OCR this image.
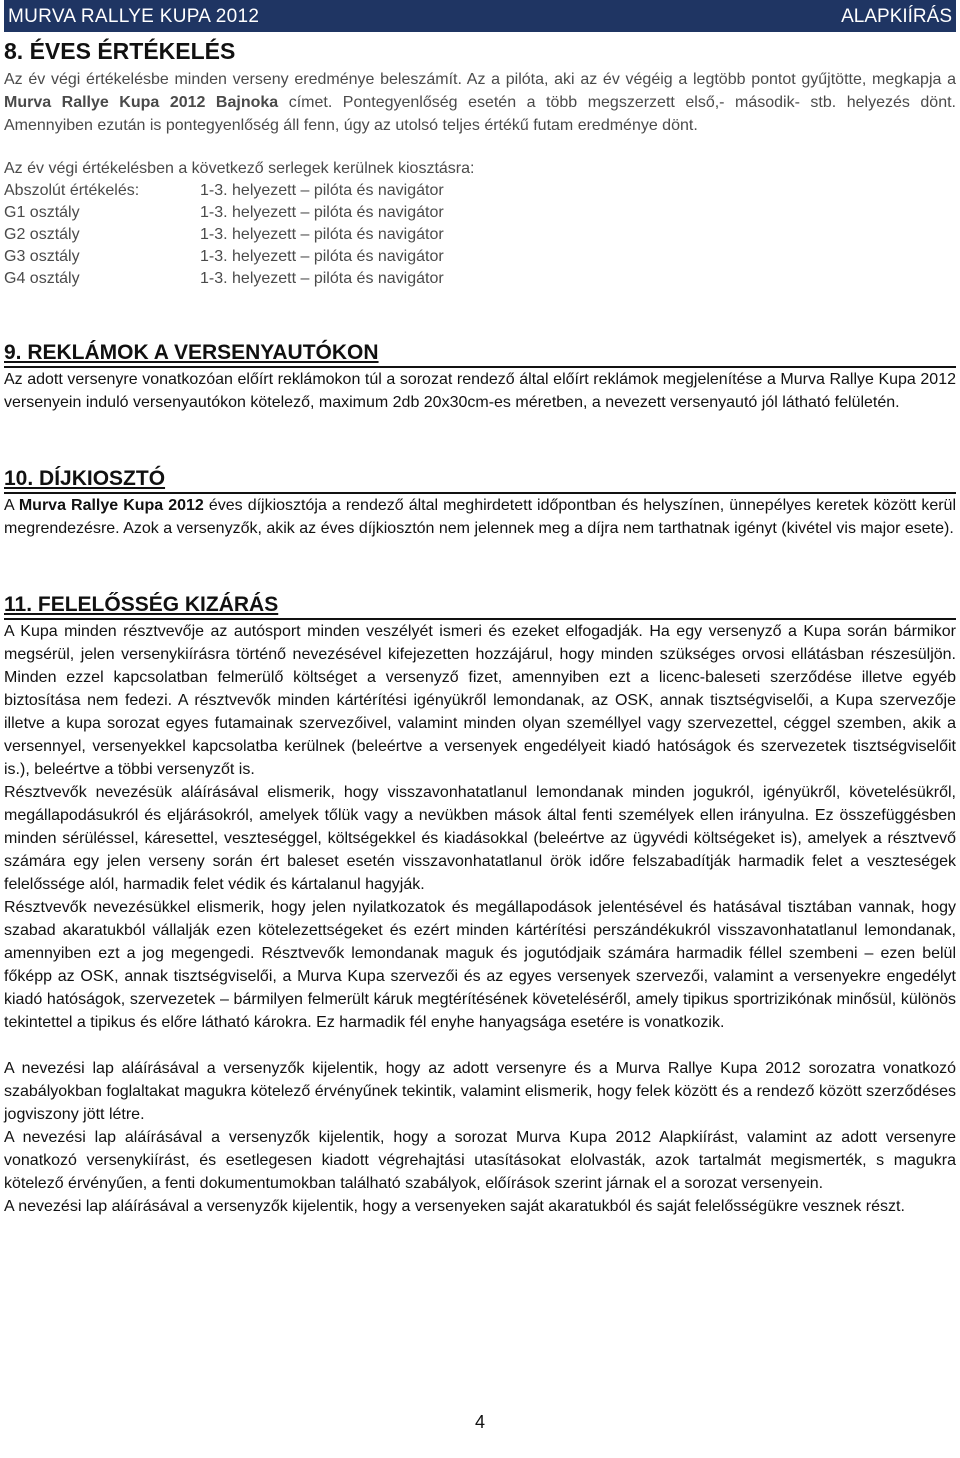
MURVA RALLYE KUPA 2012	ALAPKIÍRÁS
8. ÉVES ÉRTÉKELÉS

Az év végi értékelésbe minden verseny eredménye beleszámít. Az a pilóta, aki az év végéig a legtöbb pontot gyűjtötte, megkapja a Murva Rallye Kupa 2012 Bajnoka címet. Pontegyenlőség esetén a több megszerzett első,- második- stb. helyezés dönt. Amennyiben ezután is pontegyenlőség áll fenn, úgy az utolsó teljes értékű futam eredménye dönt.

Az év végi értékelésben a következő serlegek kerülnek kiosztásra:

Abszolút értékelés:	1-3. helyezett – pilóta és navigátor
G1 osztály	1-3. helyezett – pilóta és navigátor
G2 osztály	1-3. helyezett – pilóta és navigátor
G3 osztály	1-3. helyezett – pilóta és navigátor
G4 osztály	1-3. helyezett – pilóta és navigátor
9. REKLÁMOK A VERSENYAUTÓKON

Az adott versenyre vonatkozóan előírt reklámokon túl a sorozat rendező által előírt reklámok megjelenítése a Murva Rallye Kupa 2012 versenyein induló versenyautókon kötelező, maximum 2db 20x30cm-es méretben, a nevezett versenyautó jól látható felületén.

10. DÍJKIOSZTÓ

A Murva Rallye Kupa 2012 éves díjkiosztója a rendező által meghirdetett időpontban és helyszínen, ünnepélyes keretek között kerül megrendezésre. Azok a versenyzők, akik az éves díjkiosztón nem jelennek meg a díjra nem tarthatnak igényt (kivétel vis major esete).

11. FELELŐSSÉG KIZÁRÁS

A Kupa minden résztvevője az autósport minden veszélyét ismeri és ezeket elfogadják. Ha egy versenyző a Kupa során bármikor megsérül, jelen versenykiírásra történő nevezésével kifejezetten hozzájárul, hogy minden szükséges orvosi ellátásban részesüljön. Minden ezzel kapcsolatban felmerülő költséget a versenyző fizet, amennyiben ezt a licenc-baleseti szerződése illetve egyéb biztosítása nem fedezi. A résztvevők minden kártérítési igényükről lemondanak, az OSK, annak tisztségviselői, a Kupa szervezője illetve a kupa sorozat egyes futamainak szervezőivel, valamint minden olyan személlyel vagy szervezettel, céggel szemben, akik a versennyel, versenyekkel kapcsolatba kerülnek (beleértve a versenyek engedélyeit kiadó hatóságok és szervezetek tisztségviselőit is.), beleértve a többi versenyzőt is.

Résztvevők nevezésük aláírásával elismerik, hogy visszavonhatatlanul lemondanak minden jogukról, igényükről, követelésükről, megállapodásukról és eljárásokról, amelyek tőlük vagy a nevükben mások által fenti személyek ellen irányulna. Ez összefüggésben minden sérüléssel, káresettel, veszteséggel, költségekkel és kiadásokkal (beleértve az ügyvédi költségeket is), amelyek a résztvevő számára egy jelen verseny során ért baleset esetén visszavonhatatlanul örök időre felszabadítják harmadik felet a veszteségek felelőssége alól, harmadik felet védik és kártalanul hagyják.

Résztvevők nevezésükkel elismerik, hogy jelen nyilatkozatok és megállapodások jelentésével és hatásával tisztában vannak, hogy szabad akaratukból vállalják ezen kötelezettségeket és ezért minden kártérítési perszándékukról visszavonhatatlanul lemondanak, amennyiben ezt a jog megengedi. Résztvevők lemondanak maguk és jogutódjaik számára harmadik féllel szembeni – ezen belül főképp az OSK, annak tisztségviselői, a Murva Kupa szervezői és az egyes versenyek szervezői, valamint a versenyekre engedélyt kiadó hatóságok, szervezetek – bármilyen felmerült káruk megtérítésének követeléséről, amely tipikus sportrizikónak minősül, különös tekintettel a tipikus és előre látható károkra. Ez harmadik fél enyhe hanyagsága esetére is vonatkozik.

A nevezési lap aláírásával a versenyzők kijelentik, hogy az adott versenyre és a Murva Rallye Kupa 2012 sorozatra vonatkozó szabályokban foglaltakat magukra kötelező érvényűnek tekintik, valamint elismerik, hogy felek között és a rendező között szerződéses jogviszony jött létre.

A nevezési lap aláírásával a versenyzők kijelentik, hogy a sorozat Murva Kupa 2012 Alapkiírást, valamint az adott versenyre vonatkozó versenykiírást, és esetlegesen kiadott végrehajtási utasításokat elolvasták, azok tartalmát megismerték, s magukra kötelező érvényűen, a fenti dokumentumokban található szabályok, előírások szerint járnak el a sorozat versenyein.

A nevezési lap aláírásával a versenyzők kijelentik, hogy a versenyeken saját akaratukból és saját felelősségükre vesznek részt.

4
